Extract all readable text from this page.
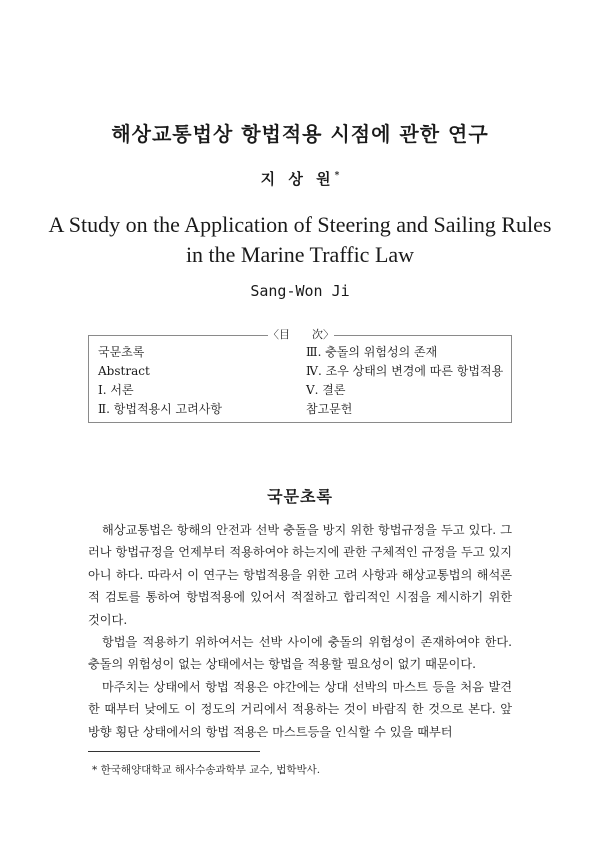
해상교통법상 항법적용 시점에 관한 연구
지 상 원*
A Study on the Application of Steering and Sailing Rules
in the Marine Traffic Law
Sang-Won Ji
〈目　　次〉
국문초록
Abstract
Ⅰ. 서론
Ⅱ. 항법적용시 고려사항
Ⅲ. 충돌의 위험성의 존재
Ⅳ. 조우 상태의 변경에 따른 항법적용
Ⅴ. 결론
참고문헌
국문초록

해상교통법은 항해의 안전과 선박 충돌을 방지 위한 항법규정을 두고 있다. 그러나 항법규정을 언제부터 적용하여야 하는지에 관한 구체적인 규정을 두고 있지 아니 하다. 따라서 이 연구는 항법적용을 위한 고려 사항과 해상교통법의 해석론적 검토를 통하여 항법적용에 있어서 적절하고 합리적인 시점을 제시하기 위한 것이다.

항법을 적용하기 위하여서는 선박 사이에 충돌의 위험성이 존재하여야 한다. 충돌의 위험성이 없는 상태에서는 항법을 적용할 필요성이 없기 때문이다.

마주치는 상태에서 항법 적용은 야간에는 상대 선박의 마스트 등을 처음 발견한 때부터 낮에도 이 정도의 거리에서 적용하는 것이 바람직 한 것으로 본다. 앞 방향 횡단 상태에서의 항법 적용은 마스트등을 인식할 수 있을 때부터

* 한국해양대학교 해사수송과학부 교수, 법학박사.
